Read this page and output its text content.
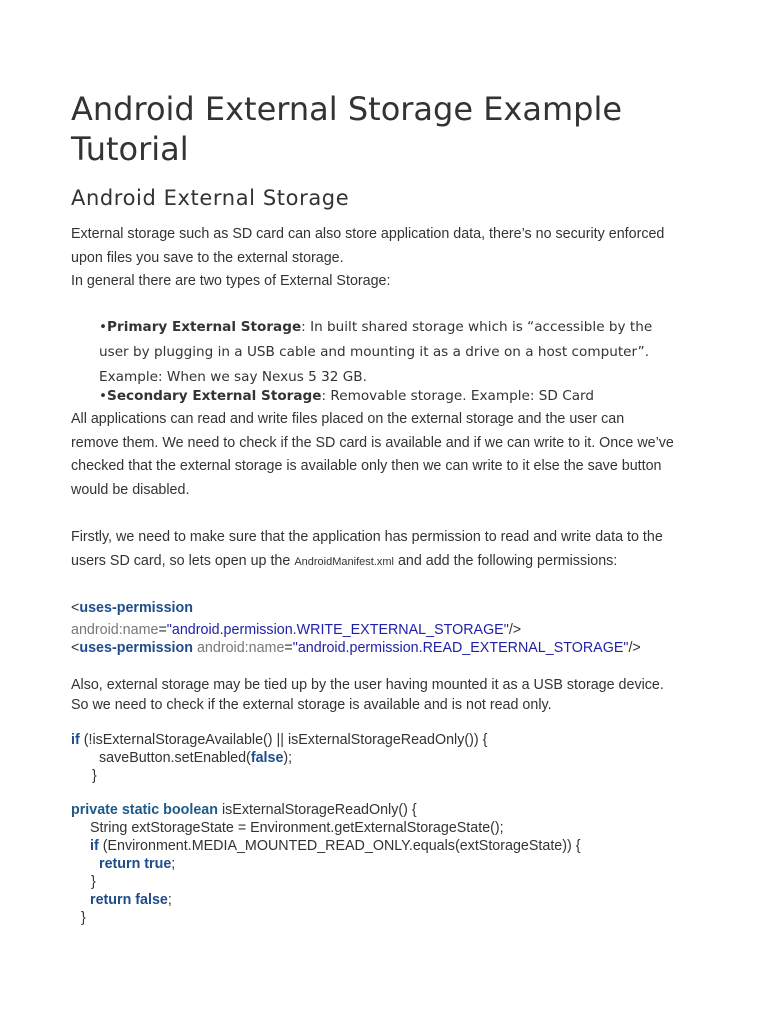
Android External Storage Example
Tutorial
Android External Storage
External storage such as SD card can also store application data, there’s no security enforced
upon files you save to the external storage.
In general there are two types of External Storage:
•Primary External Storage: In built shared storage which is “accessible by the
user by plugging in a USB cable and mounting it as a drive on a host computer”.
Example: When we say Nexus 5 32 GB.
•Secondary External Storage: Removable storage. Example: SD Card
All applications can read and write files placed on the external storage and the user can
remove them. We need to check if the SD card is available and if we can write to it. Once we’ve
checked that the external storage is available only then we can write to it else the save button
would be disabled.
Firstly, we need to make sure that the application has permission to read and write data to the
users SD card, so lets open up the AndroidManifest.xml and add the following permissions:
<uses-permission
android:name="android.permission.WRITE_EXTERNAL_STORAGE"/>
<uses-permission android:name="android.permission.READ_EXTERNAL_STORAGE"/>
Also, external storage may be tied up by the user having mounted it as a USB storage device.
So we need to check if the external storage is available and is not read only.
if (!isExternalStorageAvailable() || isExternalStorageReadOnly()) {
saveButton.setEnabled(false);
}
private static boolean isExternalStorageReadOnly() {
String extStorageState = Environment.getExternalStorageState();
if (Environment.MEDIA_MOUNTED_READ_ONLY.equals(extStorageState)) {
return true;
}
return false;
}
